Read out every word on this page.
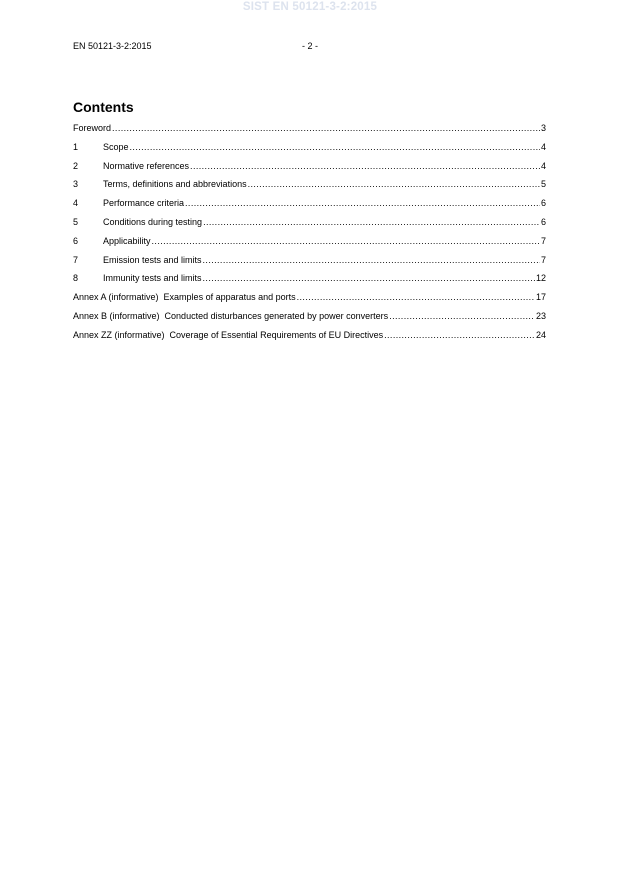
SIST EN 50121-3-2:2015
EN 50121-3-2:2015	- 2 -
Contents
Foreword .....	3
1	Scope .....	4
2	Normative references .....	4
3	Terms, definitions and abbreviations .....	5
4	Performance criteria .....	6
5	Conditions during testing .....	6
6	Applicability .....	7
7	Emission tests and limits .....	7
8	Immunity tests and limits .....	12
Annex A (informative) Examples of apparatus and ports .....	17
Annex B (informative) Conducted disturbances generated by power converters .....	23
Annex ZZ (informative) Coverage of Essential Requirements of EU Directives .....	24
